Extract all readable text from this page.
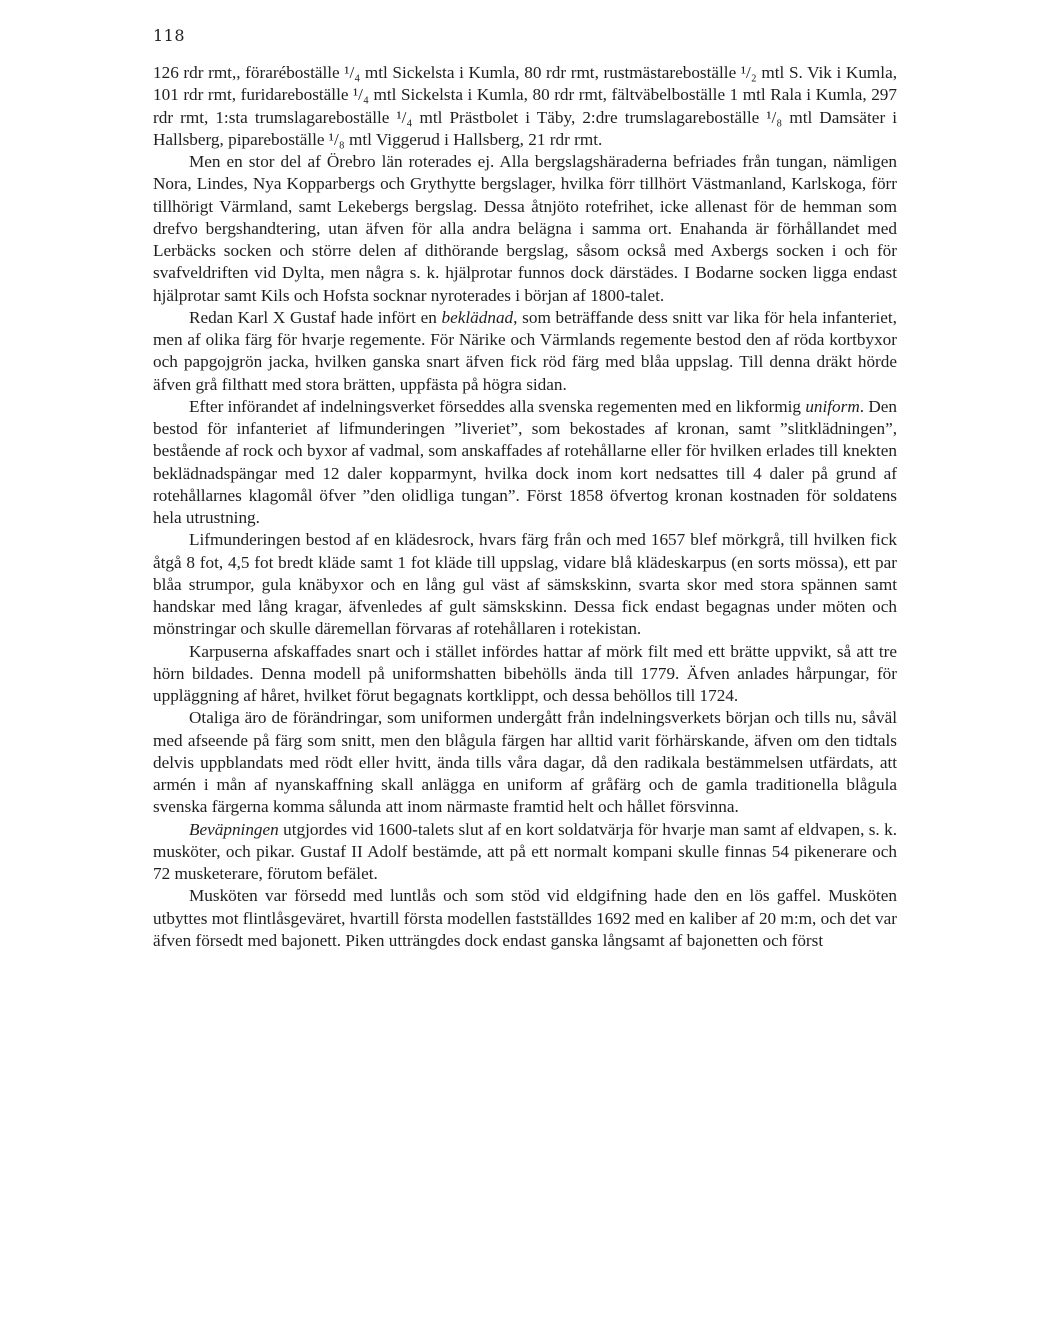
118

126 rdr rmt,, föraréboställe ¹/₄ mtl Sickelsta i Kumla, 80 rdr rmt, rustmästareboställe ¹/₂ mtl S. Vik i Kumla, 101 rdr rmt, furidareboställe ¹/₄ mtl Sickelsta i Kumla, 80 rdr rmt, fältväbelboställe 1 mtl Rala i Kumla, 297 rdr rmt, 1:sta trumslagareboställe ¹/₄ mtl Prästbolet i Täby, 2:dre trumslagareboställe ¹/₈ mtl Damsäter i Hallsberg, pipareboställe ¹/₈ mtl Viggerud i Hallsberg, 21 rdr rmt.

Men en stor del af Örebro län roterades ej. Alla bergslagshäraderna befriades från tungan, nämligen Nora, Lindes, Nya Kopparbergs och Grythytte bergslager, hvilka förr tillhört Västmanland, Karlskoga, förr tillhörigt Värmland, samt Lekebergs bergslag. Dessa åtnjöto rotefrihet, icke allenast för de hemman som drefvo bergshandtering, utan äfven för alla andra belägna i samma ort. Enahanda är förhållandet med Lerbäcks socken och större delen af dithörande bergslag, såsom också med Axbergs socken i och för svafveldriften vid Dylta, men några s. k. hjälprotar funnos dock därstädes. I Bodarne socken ligga endast hjälprotar samt Kils och Hofsta socknar nyroterades i början af 1800-talet.

Redan Karl X Gustaf hade infört en beklädnad, som beträffande dess snitt var lika för hela infanteriet, men af olika färg för hvarje regemente. För Närike och Värmlands regemente bestod den af röda kortbyxor och papgojgrön jacka, hvilken ganska snart äfven fick röd färg med blåa uppslag. Till denna dräkt hörde äfven grå filthatt med stora brätten, uppfästa på högra sidan.

Efter införandet af indelningsverket förseddes alla svenska regementen med en likformig uniform. Den bestod för infanteriet af lifmunderingen ”liveriet”, som bekostades af kronan, samt ”slitklädningen”, bestående af rock och byxor af vadmal, som anskaffades af rotehållarne eller för hvilken erlades till knekten beklädnadspängar med 12 daler kopparmynt, hvilka dock inom kort nedsattes till 4 daler på grund af rotehållarnes klagomål öfver ”den olidliga tungan”. Först 1858 öfvertog kronan kostnaden för soldatens hela utrustning.

Lifmunderingen bestod af en klädesrock, hvars färg från och med 1657 blef mörkgrå, till hvilken fick åtgå 8 fot, 4,5 fot bredt kläde samt 1 fot kläde till uppslag, vidare blå klädeskarpus (en sorts mössa), ett par blåa strumpor, gula knäbyxor och en lång gul väst af sämskskinn, svarta skor med stora spännen samt handskar med lång kragar, äfvenledes af gult sämskskinn. Dessa fick endast begagnas under möten och mönstringar och skulle däremellan förvaras af rotehållaren i rotekistan.

Karpuserna afskaffades snart och i stället infördes hattar af mörk filt med ett brätte uppvikt, så att tre hörn bildades. Denna modell på uniformshatten bibehölls ända till 1779. Äfven anlades hårpungar, för uppläggning af håret, hvilket förut begagnats kortklippt, och dessa behöllos till 1724.

Otaliga äro de förändringar, som uniformen undergått från indelningsverkets början och tills nu, såväl med afseende på färg som snitt, men den blågula färgen har alltid varit förhärskande, äfven om den tidtals delvis uppblandats med rödt eller hvitt, ända tills våra dagar, då den radikala bestämmelsen utfärdats, att armén i mån af nyanskaffning skall anlägga en uniform af gråfärg och de gamla traditionella blågula svenska färgerna komma sålunda att inom närmaste framtid helt och hållet försvinna.

Beväpningen utgjordes vid 1600-talets slut af en kort soldatvärja för hvarje man samt af eldvapen, s. k. musköter, och pikar. Gustaf II Adolf bestämde, att på ett normalt kompani skulle finnas 54 pikenerare och 72 musketerare, förutom befälet.

Musköten var försedd med luntlås och som stöd vid eldgifning hade den en lös gaffel. Musköten utbyttes mot flintlåsgeväret, hvartill första modellen fastställdes 1692 med en kaliber af 20 m:m, och det var äfven försedt med bajonett. Piken utträngdes dock endast ganska långsamt af bajonetten och först
